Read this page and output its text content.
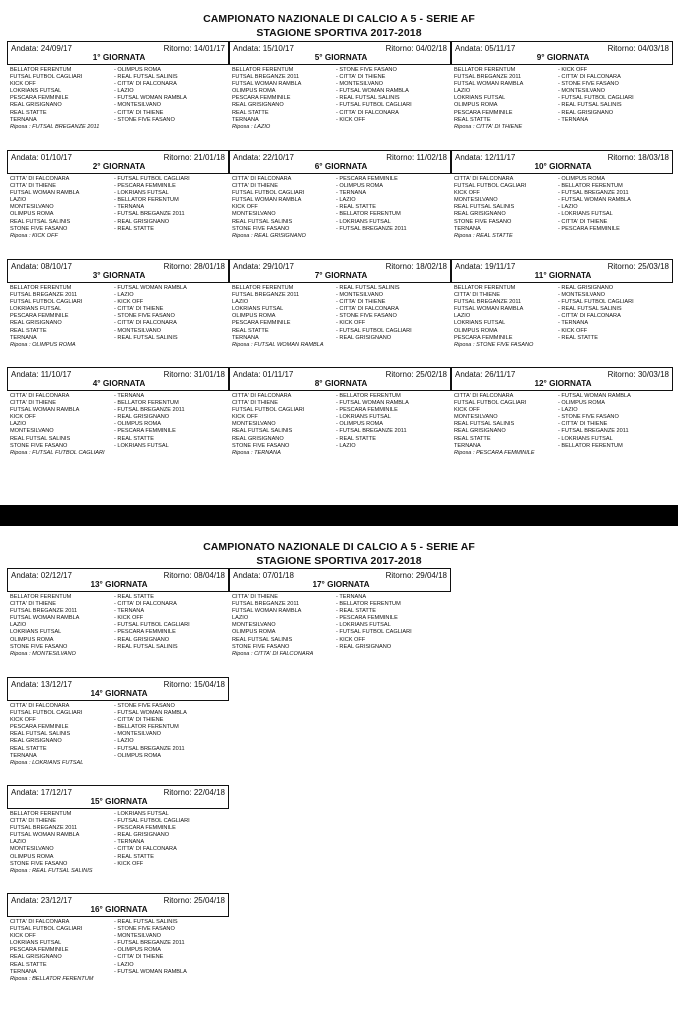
CAMPIONATO NAZIONALE DI CALCIO A 5 - SERIE AF
STAGIONE SPORTIVA 2017-2018
CAMPIONATO NAZIONALE DI CALCIO A 5 - SERIE AF
STAGIONE SPORTIVA 2017-2018
Andata: 24/09/17	Ritorno: 14/01/17
1° GIORNATA
BELLATOR FERENTUM	- OLIMPUS ROMA
FUTSAL FUTBOL CAGLIARI	- REAL FUTSAL SALINIS
KICK OFF	- CITTA' DI FALCONARA
LOKRIANS FUTSAL	- LAZIO
PESCARA FEMMINILE	- FUTSAL WOMAN RAMBLA
REAL GRISIGNANO	- MONTESILVANO
REAL STATTE	- CITTA' DI THIENE
TERNANA	- STONE FIVE FASANO
Riposa : FUTSAL BREGANZE 2011
Andata: 01/10/17	Ritorno: 21/01/18
2° GIORNATA
CITTA' DI FALCONARA	- FUTSAL FUTBOL CAGLIARI
CITTA' DI THIENE	- PESCARA FEMMINILE
FUTSAL WOMAN RAMBLA	- LOKRIANS FUTSAL
LAZIO	- BELLATOR FERENTUM
MONTESILVANO	- TERNANA
OLIMPUS ROMA	- FUTSAL BREGANZE 2011
REAL FUTSAL SALINIS	- REAL GRISIGNANO
STONE FIVE FASANO	- REAL STATTE
Riposa : KICK OFF
Andata: 08/10/17	Ritorno: 28/01/18
3° GIORNATA
BELLATOR FERENTUM	- FUTSAL WOMAN RAMBLA
FUTSAL BREGANZE 2011	- LAZIO
FUTSAL FUTBOL CAGLIARI	- KICK OFF
LOKRIANS FUTSAL	- CITTA' DI THIENE
PESCARA FEMMINILE	- STONE FIVE FASANO
REAL GRISIGNANO	- CITTA' DI FALCONARA
REAL STATTE	- MONTESILVANO
TERNANA	- REAL FUTSAL SALINIS
Riposa : OLIMPUS ROMA
Andata: 11/10/17	Ritorno: 31/01/18
4° GIORNATA
CITTA' DI FALCONARA	- TERNANA
CITTA' DI THIENE	- BELLATOR FERENTUM
FUTSAL WOMAN RAMBLA	- FUTSAL BREGANZE 2011
KICK OFF	- REAL GRISIGNANO
LAZIO	- OLIMPUS ROMA
MONTESILVANO	- PESCARA FEMMINILE
REAL FUTSAL SALINIS	- REAL STATTE
STONE FIVE FASANO	- LOKRIANS FUTSAL
Riposa : FUTSAL FUTBOL CAGLIARI
Andata: 15/10/17	Ritorno: 04/02/18
5° GIORNATA
BELLATOR FERENTUM	- STONE FIVE FASANO
FUTSAL BREGANZE 2011	- CITTA' DI THIENE
FUTSAL WOMAN RAMBLA	- MONTESILVANO
OLIMPUS ROMA	- FUTSAL WOMAN RAMBLA
PESCARA FEMMINILE	- REAL FUTSAL SALINIS
REAL GRISIGNANO	- FUTSAL FUTBOL CAGLIARI
REAL STATTE	- CITTA' DI FALCONARA
TERNANA	- KICK OFF
Riposa : LAZIO
Andata: 22/10/17	Ritorno: 11/02/18
6° GIORNATA
CITTA' DI FALCONARA	- PESCARA FEMMINILE
CITTA' DI THIENE	- OLIMPUS ROMA
FUTSAL FUTBOL CAGLIARI	- TERNANA
FUTSAL WOMAN RAMBLA	- LAZIO
KICK OFF	- REAL STATTE
MONTESILVANO	- BELLATOR FERENTUM
REAL FUTSAL SALINIS	- LOKRIANS FUTSAL
STONE FIVE FASANO	- FUTSAL BREGANZE 2011
Riposa : REAL GRISIGNANO
Andata: 29/10/17	Ritorno: 18/02/18
7° GIORNATA
BELLATOR FERENTUM	- REAL FUTSAL SALINIS
FUTSAL BREGANZE 2011	- MONTESILVANO
LAZIO	- CITTA' DI THIENE
LOKRIANS FUTSAL	- CITTA' DI FALCONARA
OLIMPUS ROMA	- STONE FIVE FASANO
PESCARA FEMMINILE	- KICK OFF
REAL STATTE	- FUTSAL FUTBOL CAGLIARI
TERNANA	- REAL GRISIGNANO
Riposa : FUTSAL WOMAN RAMBLA
Andata: 01/11/17	Ritorno: 25/02/18
8° GIORNATA
CITTA' DI FALCONARA	- BELLATOR FERENTUM
CITTA' DI THIENE	- FUTSAL WOMAN RAMBLA
FUTSAL FUTBOL CAGLIARI	- PESCARA FEMMINILE
KICK OFF	- LOKRIANS FUTSAL
MONTESILVANO	- OLIMPUS ROMA
REAL FUTSAL SALINIS	- FUTSAL BREGANZE 2011
REAL GRISIGNANO	- REAL STATTE
STONE FIVE FASANO	- LAZIO
Riposa : TERNANA
Andata: 05/11/17	Ritorno: 04/03/18
9° GIORNATA
BELLATOR FERENTUM	- KICK OFF
FUTSAL BREGANZE 2011	- CITTA' DI FALCONARA
FUTSAL WOMAN RAMBLA	- STONE FIVE FASANO
LAZIO	- MONTESILVANO
LOKRIANS FUTSAL	- FUTSAL FUTBOL CAGLIARI
OLIMPUS ROMA	- REAL FUTSAL SALINIS
PESCARA FEMMINILE	- REAL GRISIGNANO
REAL STATTE	- TERNANA
Riposa : CITTA' DI THIENE
Andata: 12/11/17	Ritorno: 18/03/18
10° GIORNATA
CITTA' DI FALCONARA	- OLIMPUS ROMA
FUTSAL FUTBOL CAGLIARI	- BELLATOR FERENTUM
KICK OFF	- FUTSAL BREGANZE 2011
MONTESILVANO	- FUTSAL WOMAN RAMBLA
REAL FUTSAL SALINIS	- LAZIO
REAL GRISIGNANO	- LOKRIANS FUTSAL
STONE FIVE FASANO	- CITTA' DI THIENE
TERNANA	- PESCARA FEMMINILE
Riposa : REAL STATTE
Andata: 19/11/17	Ritorno: 25/03/18
11° GIORNATA
BELLATOR FERENTUM	- REAL GRISIGNANO
CITTA' DI THIENE	- MONTESILVANO
FUTSAL BREGANZE 2011	- FUTSAL FUTBOL CAGLIARI
FUTSAL WOMAN RAMBLA	- REAL FUTSAL SALINIS
LAZIO	- CITTA' DI FALCONARA
LOKRIANS FUTSAL	- TERNANA
OLIMPUS ROMA	- KICK OFF
PESCARA FEMMINILE	- REAL STATTE
Riposa : STONE FIVE FASANO
Andata: 26/11/17	Ritorno: 30/03/18
12° GIORNATA
CITTA' DI FALCONARA	- FUTSAL WOMAN RAMBLA
FUTSAL FUTBOL CAGLIARI	- OLIMPUS ROMA
KICK OFF	- LAZIO
MONTESILVANO	- STONE FIVE FASANO
REAL FUTSAL SALINIS	- CITTA' DI THIENE
REAL GRISIGNANO	- FUTSAL BREGANZE 2011
REAL STATTE	- LOKRIANS FUTSAL
TERNANA	- BELLATOR FERENTUM
Riposa : PESCARA FEMMINILE
Andata: 02/12/17	Ritorno: 08/04/18
13° GIORNATA
BELLATOR FERENTUM	- REAL STATTE
CITTA' DI THIENE	- CITTA' DI FALCONARA
FUTSAL BREGANZE 2011	- TERNANA
FUTSAL WOMAN RAMBLA	- KICK OFF
LAZIO	- FUTSAL FUTBOL CAGLIARI
LOKRIANS FUTSAL	- PESCARA FEMMINILE
OLIMPUS ROMA	- REAL GRISIGNANO
STONE FIVE FASANO	- REAL FUTSAL SALINIS
Riposa : MONTESILVANO
Andata: 13/12/17	Ritorno: 15/04/18
14° GIORNATA
CITTA' DI FALCONARA	- STONE FIVE FASANO
FUTSAL FUTBOL CAGLIARI	- FUTSAL WOMAN RAMBLA
KICK OFF	- CITTA' DI THIENE
PESCARA FEMMINILE	- BELLATOR FERENTUM
REAL FUTSAL SALINIS	- MONTESILVANO
REAL GRISIGNANO	- LAZIO
REAL STATTE	- FUTSAL BREGANZE 2011
TERNANA	- OLIMPUS ROMA
Riposa : LOKRIANS FUTSAL
Andata: 17/12/17	Ritorno: 22/04/18
15° GIORNATA
BELLATOR FERENTUM	- LOKRIANS FUTSAL
CITTA' DI THIENE	- FUTSAL FUTBOL CAGLIARI
FUTSAL BREGANZE 2011	- PESCARA FEMMINILE
FUTSAL WOMAN RAMBLA	- REAL GRISIGNANO
LAZIO	- TERNANA
MONTESILVANO	- CITTA' DI FALCONARA
OLIMPUS ROMA	- REAL STATTE
STONE FIVE FASANO	- KICK OFF
Riposa : REAL FUTSAL SALINIS
Andata: 23/12/17	Ritorno: 25/04/18
16° GIORNATA
CITTA' DI FALCONARA	- REAL FUTSAL SALINIS
FUTSAL FUTBOL CAGLIARI	- STONE FIVE FASANO
KICK OFF	- MONTESILVANO
LOKRIANS FUTSAL	- FUTSAL BREGANZE 2011
PESCARA FEMMINILE	- OLIMPUS ROMA
REAL GRISIGNANO	- CITTA' DI THIENE
REAL STATTE	- LAZIO
TERNANA	- FUTSAL WOMAN RAMBLA
Riposa : BELLATOR FERENTUM
Andata: 07/01/18	Ritorno: 29/04/18
17° GIORNATA
CITTA' DI THIENE	- TERNANA
FUTSAL BREGANZE 2011	- BELLATOR FERENTUM
FUTSAL WOMAN RAMBLA	- REAL STATTE
LAZIO	- PESCARA FEMMINILE
MONTESILVANO	- LOKRIANS FUTSAL
OLIMPUS ROMA	- FUTSAL FUTBOL CAGLIARI
REAL FUTSAL SALINIS	- KICK OFF
STONE FIVE FASANO	- REAL GRISIGNANO
Riposa : CITTA' DI FALCONARA
